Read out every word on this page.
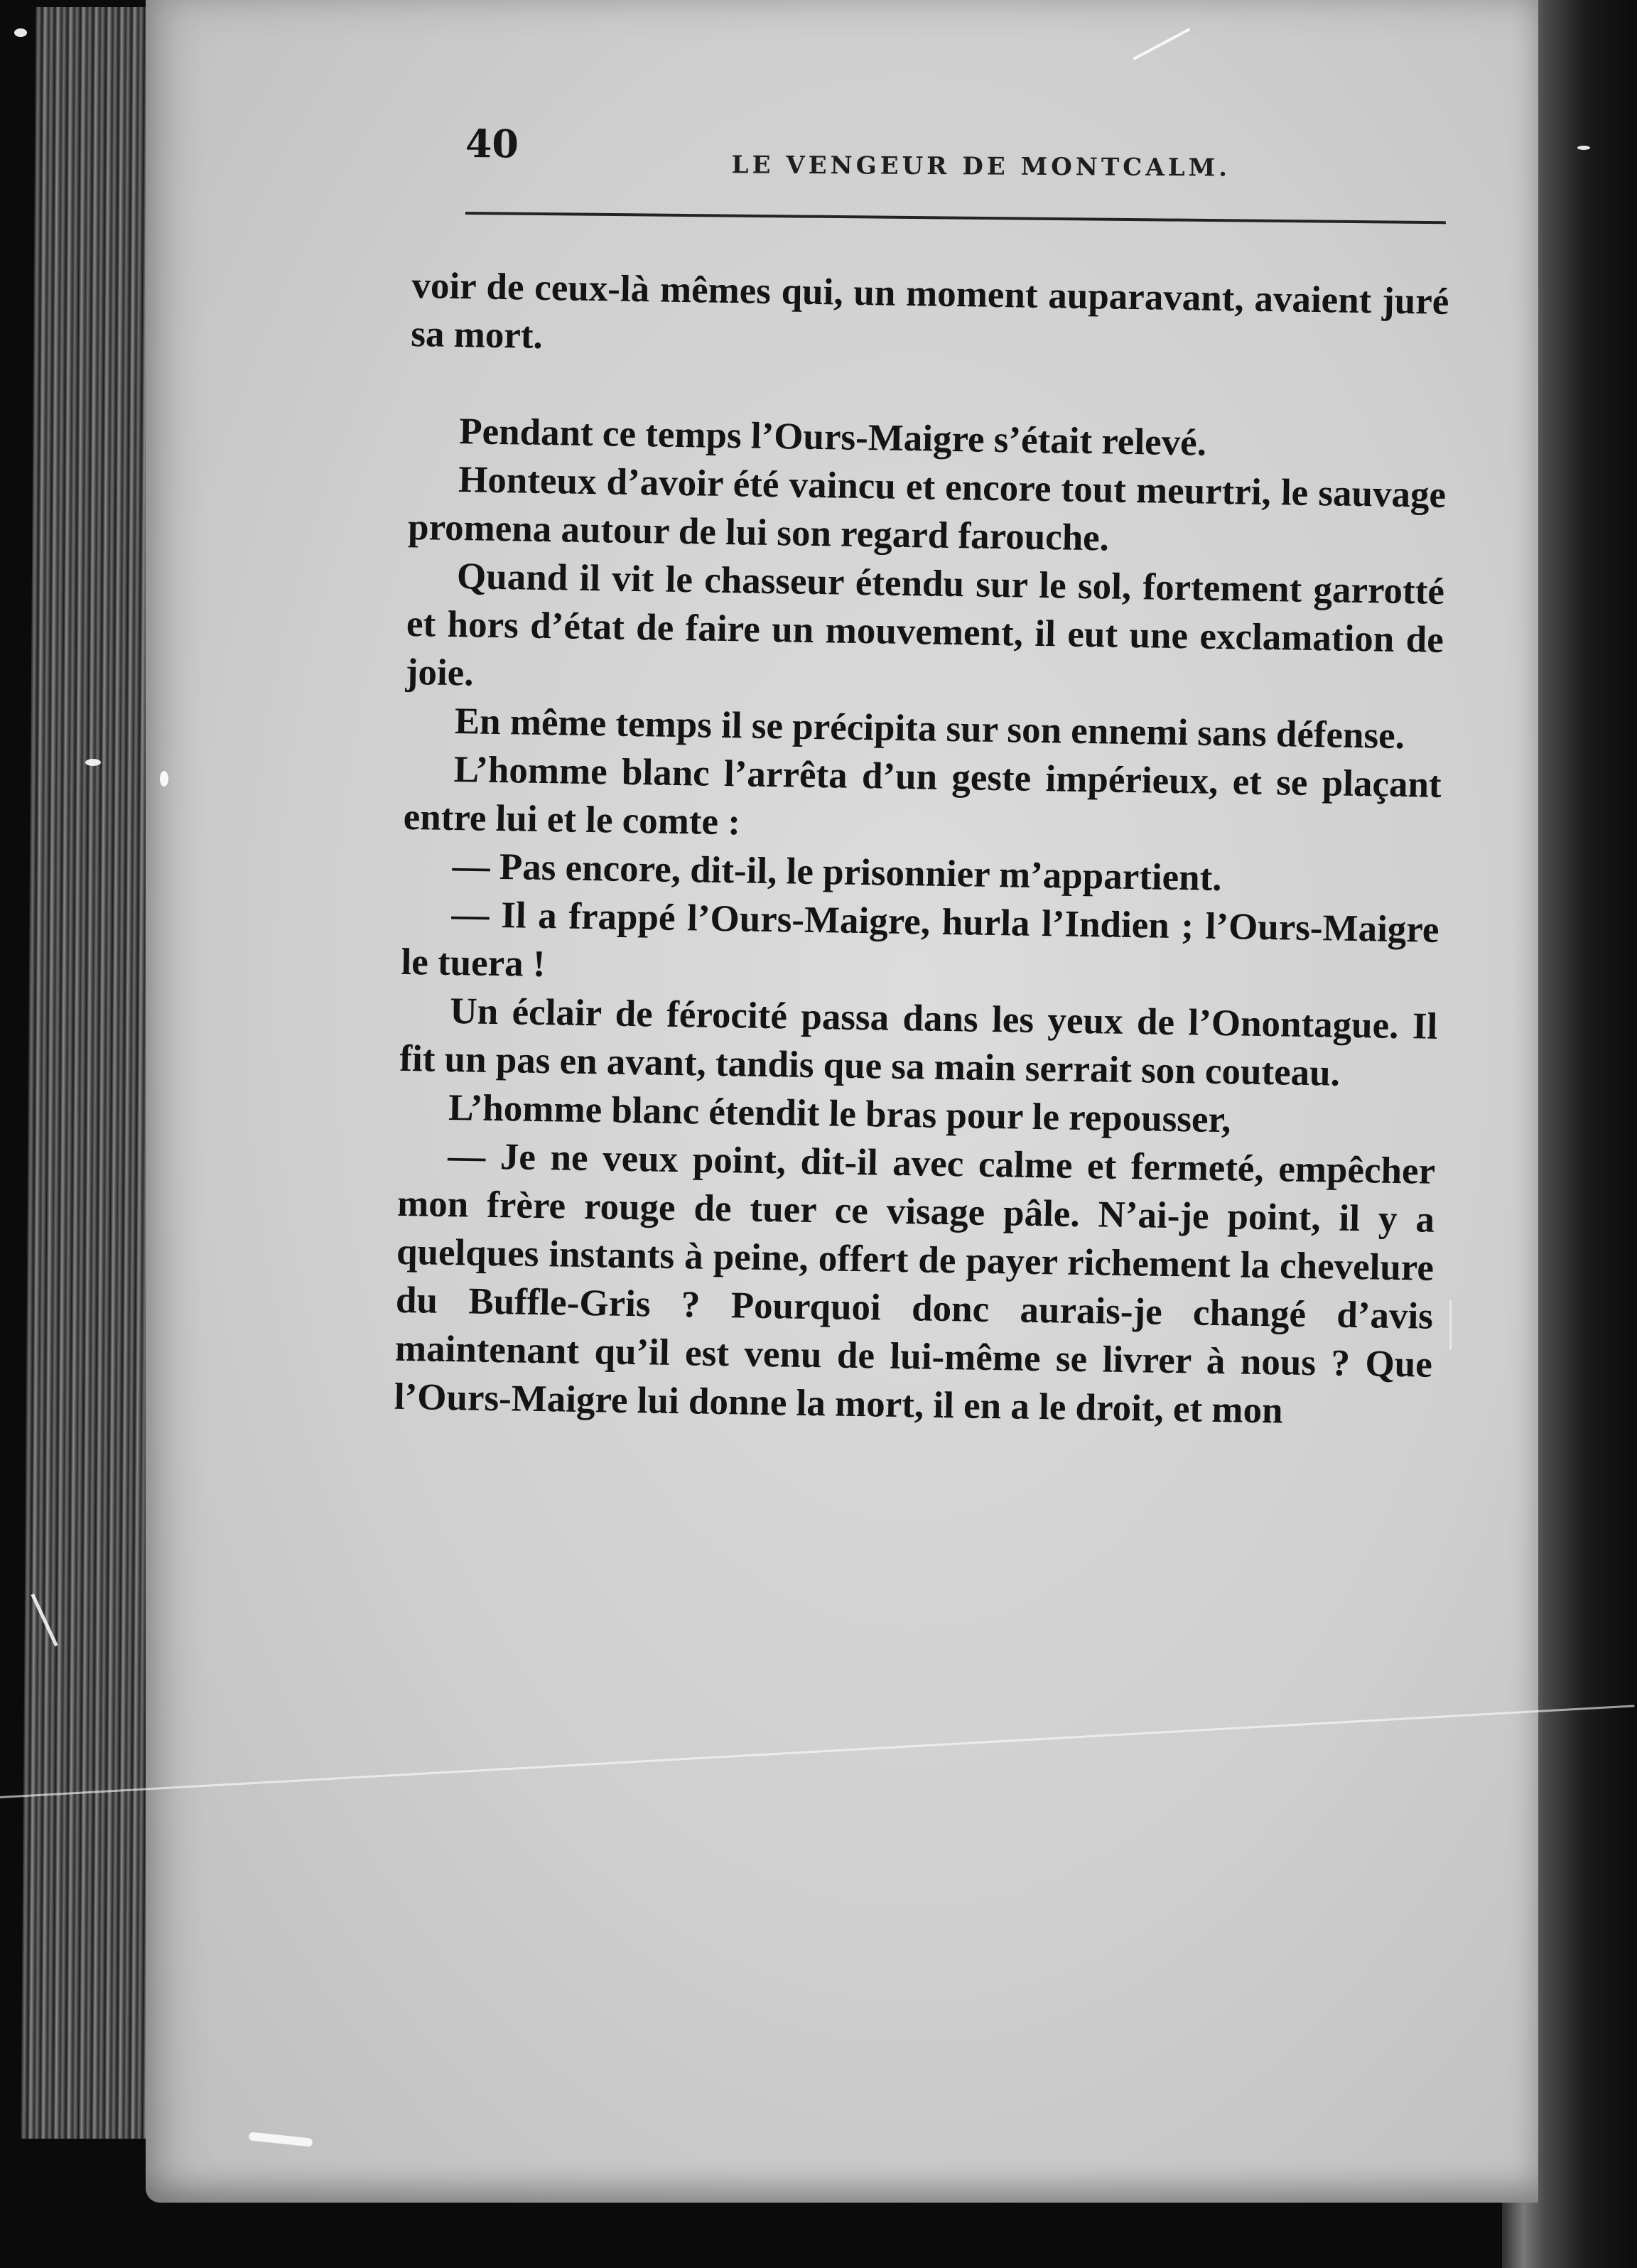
40	LE VENGEUR DE MONTCALM.

voir de ceux-là mêmes qui, un moment auparavant, avaient juré sa mort.

Pendant ce temps l’Ours-Maigre s’était relevé.

Honteux d’avoir été vaincu et encore tout meurtri, le sauvage promena autour de lui son regard farouche.

Quand il vit le chasseur étendu sur le sol, fortement garrotté et hors d’état de faire un mouvement, il eut une exclamation de joie.

En même temps il se précipita sur son ennemi sans défense.

L’homme blanc l’arrêta d’un geste impérieux, et se plaçant entre lui et le comte :

— Pas encore, dit-il, le prisonnier m’appartient.

— Il a frappé l’Ours-Maigre, hurla l’Indien ; l’Ours-Maigre le tuera !

Un éclair de férocité passa dans les yeux de l’Onontague. Il fit un pas en avant, tandis que sa main serrait son couteau.

L’homme blanc étendit le bras pour le repousser,

— Je ne veux point, dit-il avec calme et fermeté, empêcher mon frère rouge de tuer ce visage pâle. N’ai-je point, il y a quelques instants à peine, offert de payer richement la chevelure du Buffle-Gris ? Pourquoi donc aurais-je changé d’avis maintenant qu’il est venu de lui-même se livrer à nous ? Que l’Ours-Maigre lui donne la mort, il en a le droit, et mon
